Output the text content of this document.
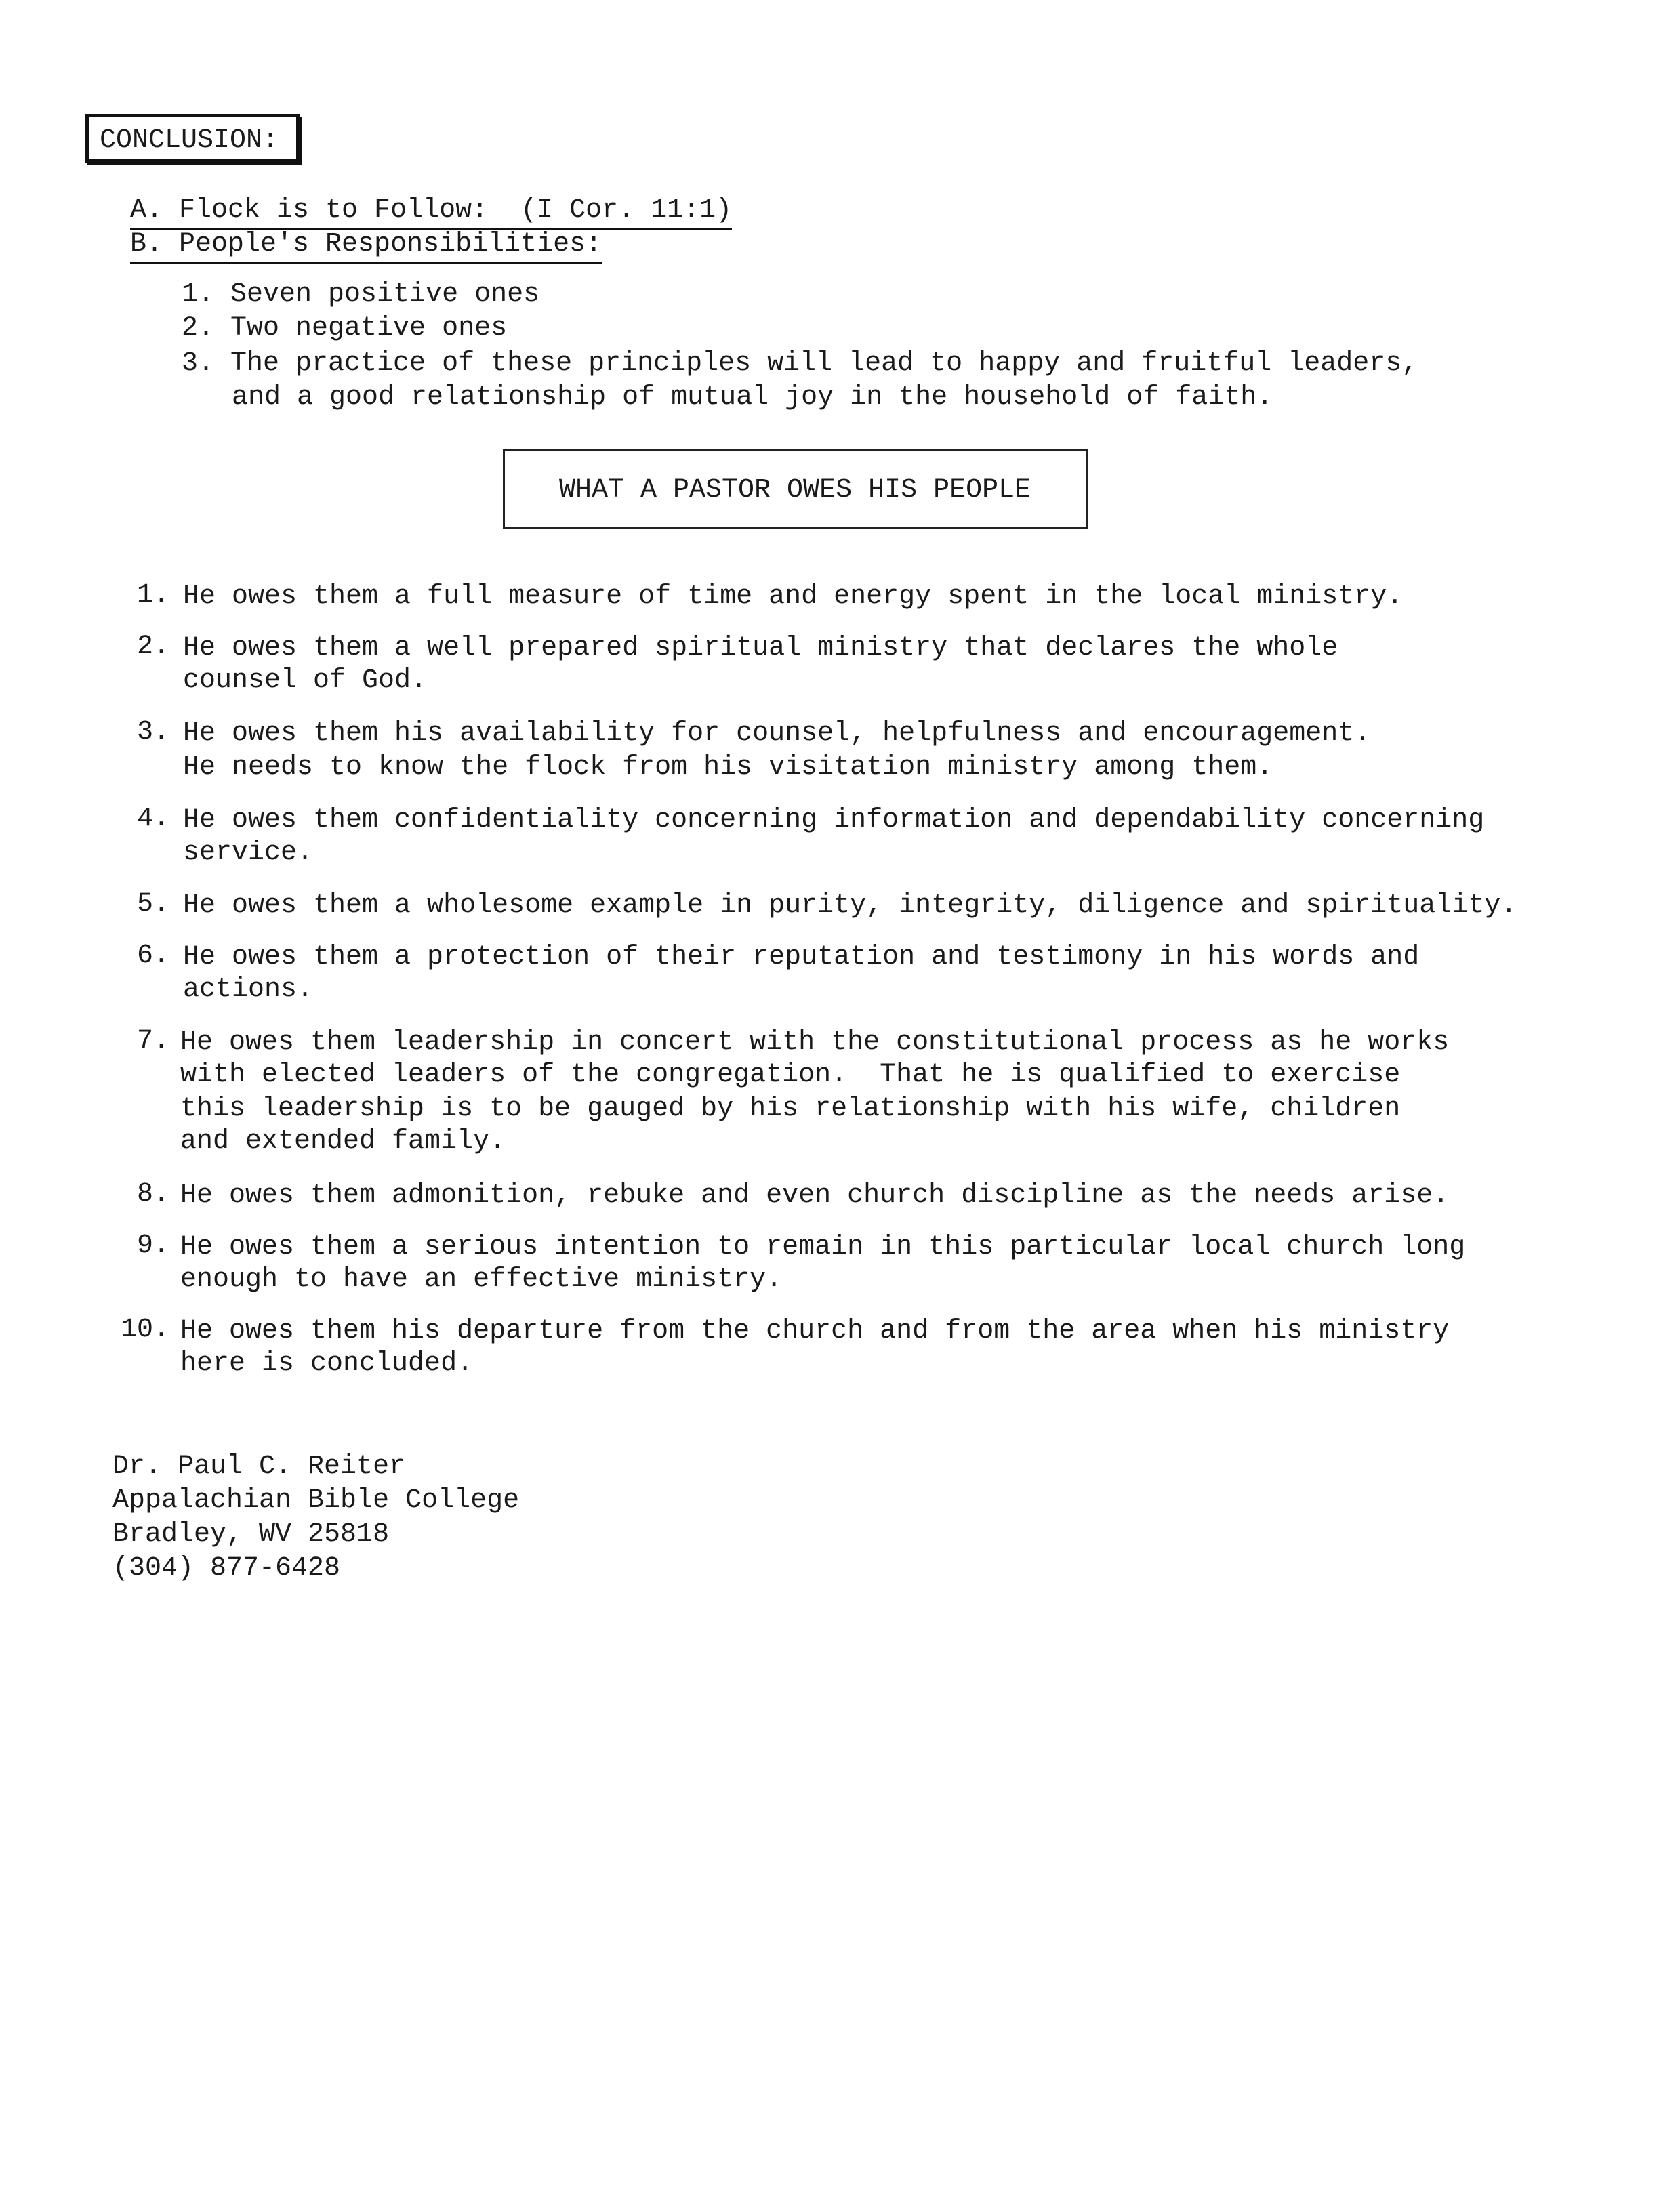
CONCLUSION:
A. Flock is to Follow:  (I Cor. 11:1)
B. People's Responsibilities:
1. Seven positive ones
2. Two negative ones
3. The practice of these principles will lead to happy and fruitful leaders,
and a good relationship of mutual joy in the household of faith.
WHAT A PASTOR OWES HIS PEOPLE
1. He owes them a full measure of time and energy spent in the local ministry.
2. He owes them a well prepared spiritual ministry that declares the whole
counsel of God.
3. He owes them his availability for counsel, helpfulness and encouragement.
He needs to know the flock from his visitation ministry among them.
4. He owes them confidentiality concerning information and dependability concerning
service.
5. He owes them a wholesome example in purity, integrity, diligence and spirituality.
6. He owes them a protection of their reputation and testimony in his words and
actions.
7. He owes them leadership in concert with the constitutional process as he works
with elected leaders of the congregation.  That he is qualified to exercise
this leadership is to be gauged by his relationship with his wife, children
and extended family.
8. He owes them admonition, rebuke and even church discipline as the needs arise.
9. He owes them a serious intention to remain in this particular local church long
enough to have an effective ministry.
10. He owes them his departure from the church and from the area when his ministry
here is concluded.
Dr. Paul C. Reiter
Appalachian Bible College
Bradley, WV 25818
(304) 877-6428
